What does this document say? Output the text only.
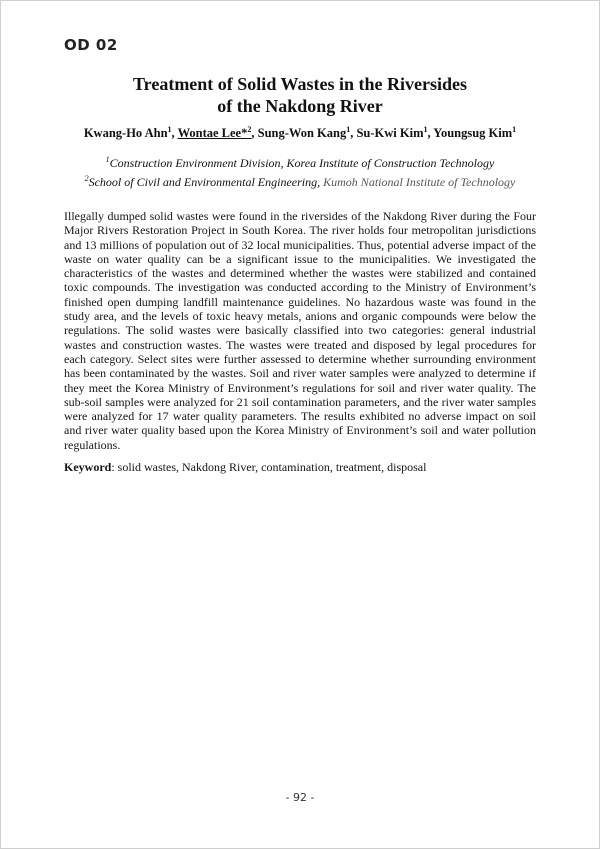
OD 02
Treatment of Solid Wastes in the Riversides
of the Nakdong River
Kwang-Ho Ahn$^1$, Wontae Lee*$^2$, Sung-Won Kang$^1$, Su-Kwi Kim$^1$, Youngsug Kim$^1$
$^1$Construction Environment Division, Korea Institute of Construction Technology
$^2$School of Civil and Environmental Engineering, Kumoh National Institute of Technology
Illegally dumped solid wastes were found in the riversides of the Nakdong River during the Four Major Rivers Restoration Project in South Korea. The river holds four metropolitan jurisdictions and 13 millions of population out of 32 local municipalities. Thus, potential adverse impact of the waste on water quality can be a significant issue to the municipalities. We investigated the characteristics of the wastes and determined whether the wastes were stabilized and contained toxic compounds. The investigation was conducted according to the Ministry of Environment’s finished open dumping landfill maintenance guidelines. No hazardous waste was found in the study area, and the levels of toxic heavy metals, anions and organic compounds were below the regulations. The solid wastes were basically classified into two categories: general industrial wastes and construction wastes. The wastes were treated and disposed by legal procedures for each category. Select sites were further assessed to determine whether surrounding environment has been contaminated by the wastes. Soil and river water samples were analyzed to determine if they meet the Korea Ministry of Environment’s regulations for soil and river water quality. The sub-soil samples were analyzed for 21 soil contamination parameters, and the river water samples were analyzed for 17 water quality parameters. The results exhibited no adverse impact on soil and river water quality based upon the Korea Ministry of Environment’s soil and water pollution regulations.
Keyword: solid wastes, Nakdong River, contamination, treatment, disposal
- 92 -
